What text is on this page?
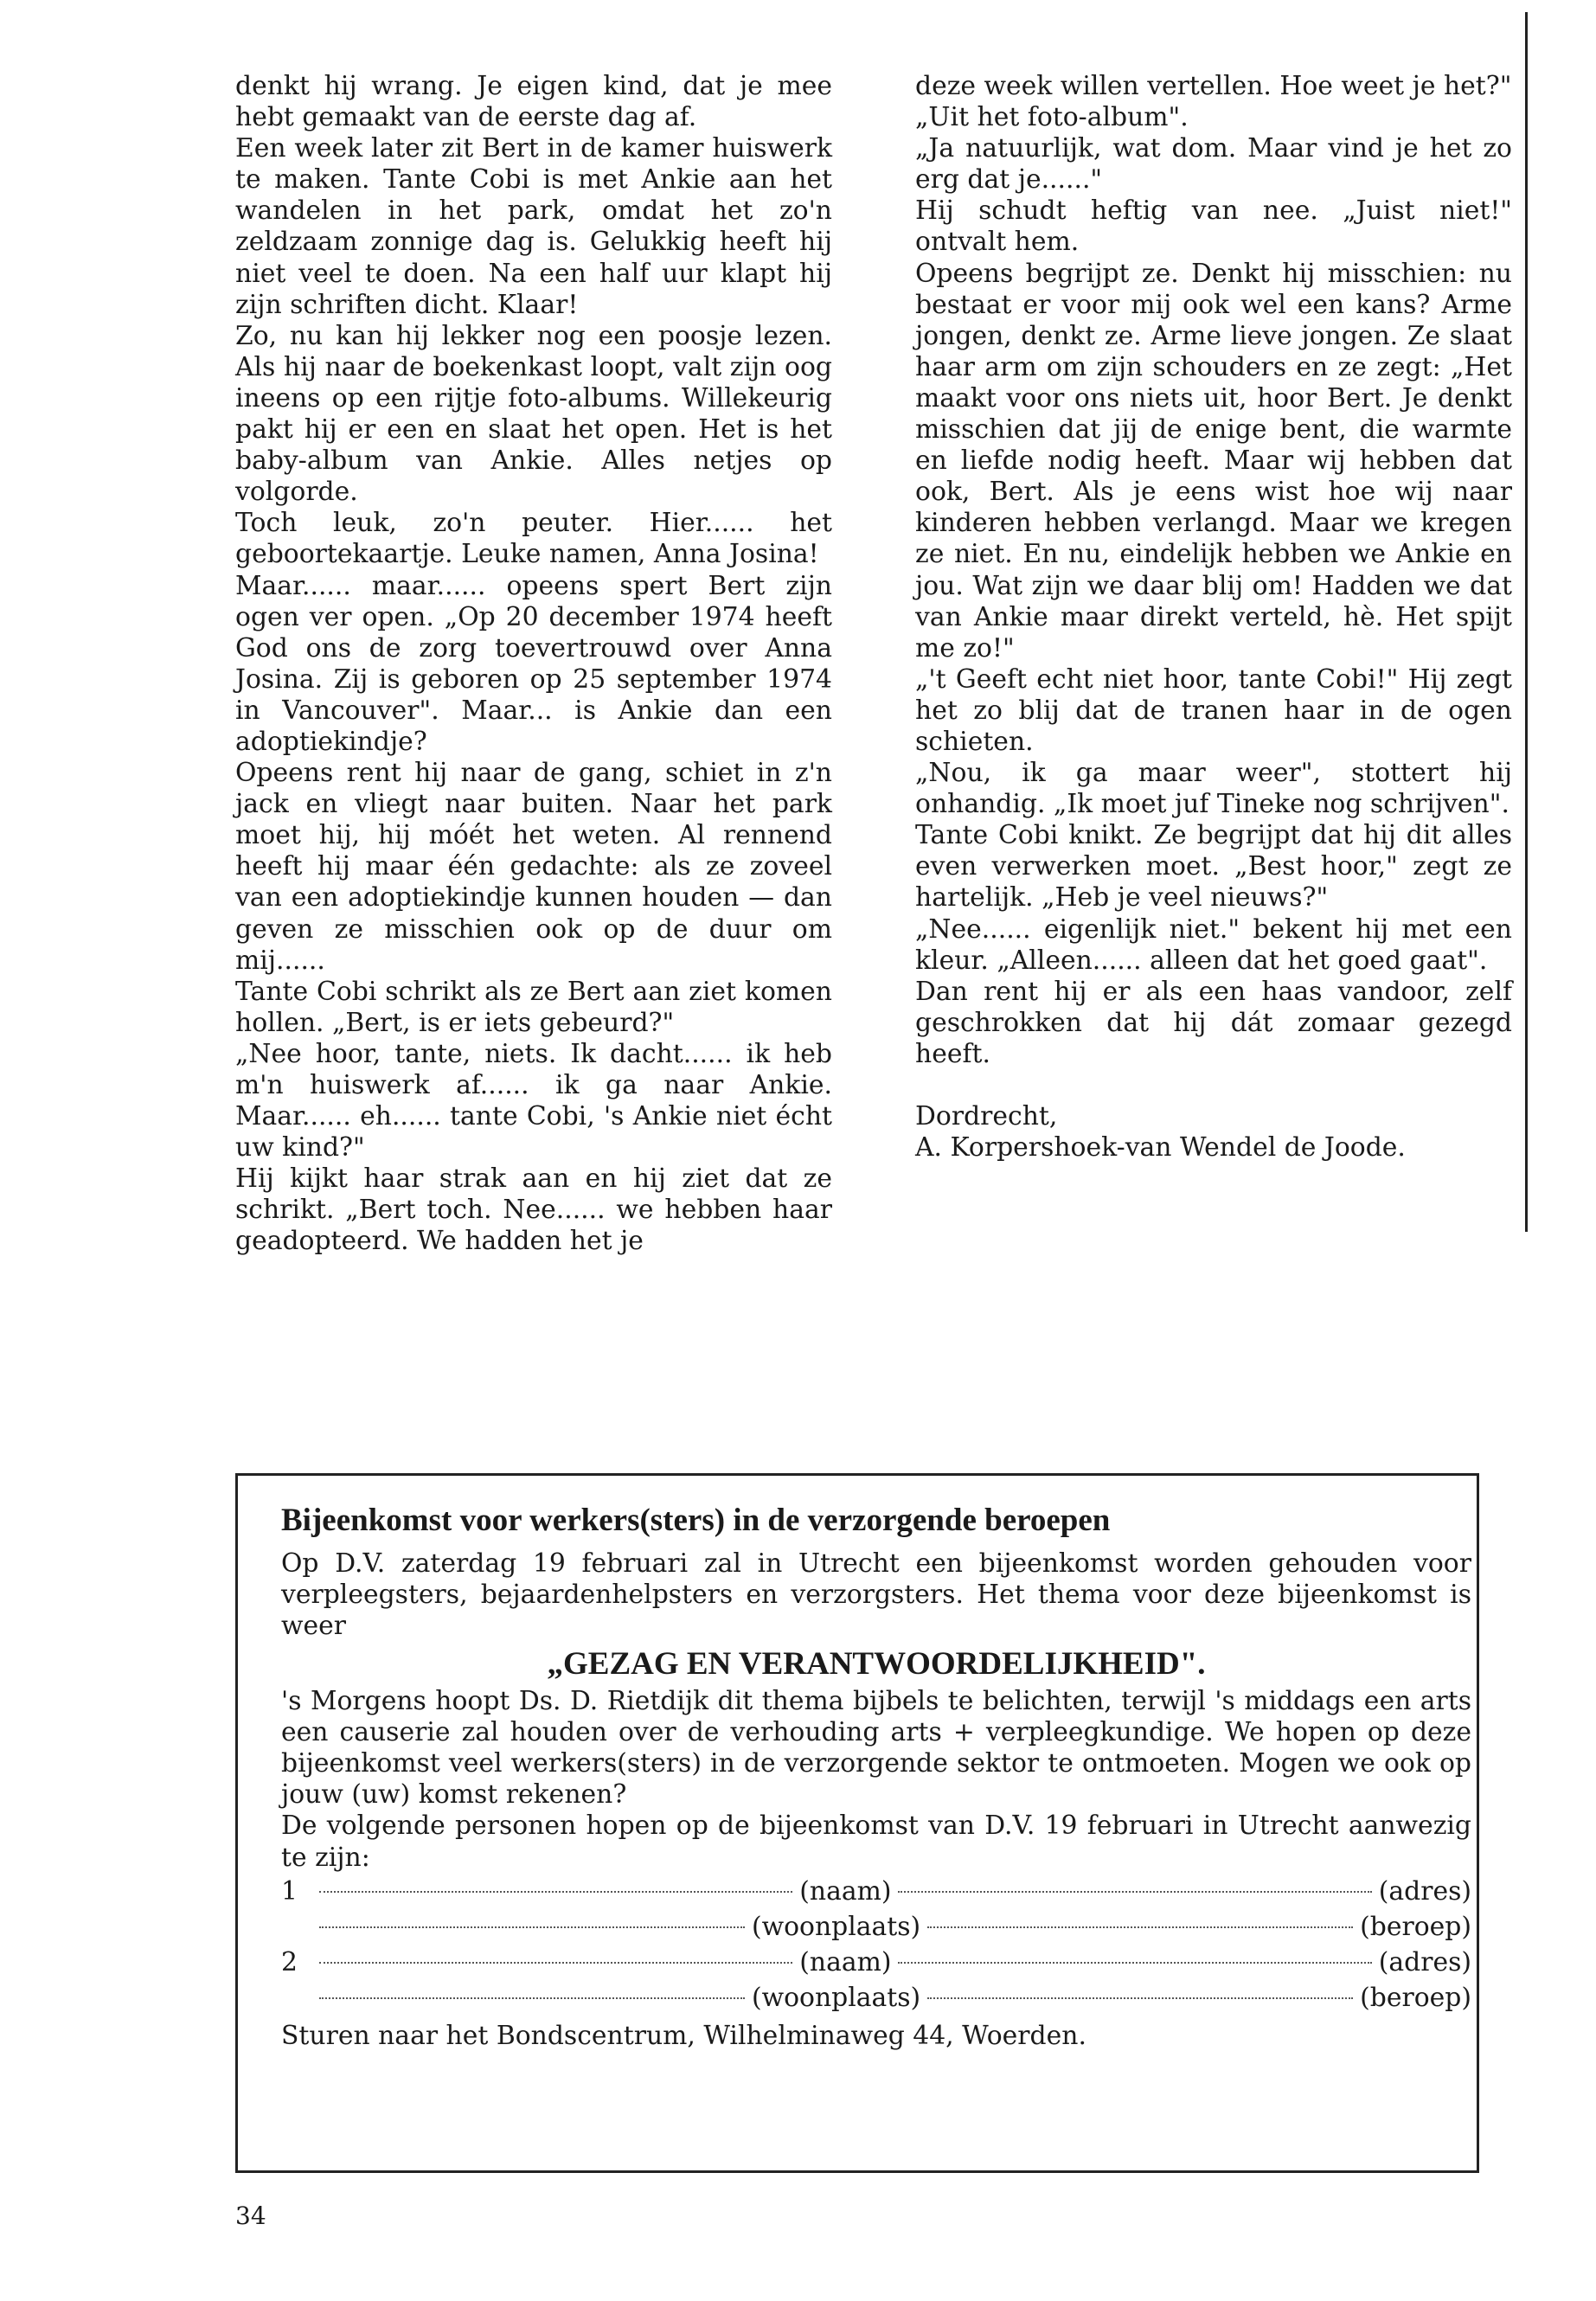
denkt hij wrang. Je eigen kind, dat je mee hebt gemaakt van de eerste dag af.

Een week later zit Bert in de kamer huiswerk te maken. Tante Cobi is met Ankie aan het wandelen in het park, omdat het zo'n zeldzaam zonnige dag is. Gelukkig heeft hij niet veel te doen. Na een half uur klapt hij zijn schriften dicht. Klaar!

Zo, nu kan hij lekker nog een poosje lezen. Als hij naar de boekenkast loopt, valt zijn oog ineens op een rijtje foto-albums. Willekeurig pakt hij er een en slaat het open. Het is het baby-album van Ankie. Alles netjes op volgorde.

Toch leuk, zo'n peuter. Hier...... het geboortekaartje. Leuke namen, Anna Josina!

Maar...... maar...... opeens spert Bert zijn ogen ver open. „Op 20 december 1974 heeft God ons de zorg toevertrouwd over Anna Josina. Zij is geboren op 25 september 1974 in Vancouver". Maar... is Ankie dan een adoptiekindje?

Opeens rent hij naar de gang, schiet in z'n jack en vliegt naar buiten. Naar het park moet hij, hij móét het weten. Al rennend heeft hij maar één gedachte: als ze zoveel van een adoptiekindje kunnen houden — dan geven ze misschien ook op de duur om mij......

Tante Cobi schrikt als ze Bert aan ziet komen hollen. „Bert, is er iets gebeurd?"

„Nee hoor, tante, niets. Ik dacht...... ik heb m'n huiswerk af...... ik ga naar Ankie. Maar...... eh...... tante Cobi, 's Ankie niet écht uw kind?"

Hij kijkt haar strak aan en hij ziet dat ze schrikt. „Bert toch. Nee...... we hebben haar geadopteerd. We hadden het je

deze week willen vertellen. Hoe weet je het?"

„Uit het foto-album".

„Ja natuurlijk, wat dom. Maar vind je het zo erg dat je......"

Hij schudt heftig van nee. „Juist niet!" ontvalt hem.

Opeens begrijpt ze. Denkt hij misschien: nu bestaat er voor mij ook wel een kans? Arme jongen, denkt ze. Arme lieve jongen. Ze slaat haar arm om zijn schouders en ze zegt: „Het maakt voor ons niets uit, hoor Bert. Je denkt misschien dat jij de enige bent, die warmte en liefde nodig heeft. Maar wij hebben dat ook, Bert. Als je eens wist hoe wij naar kinderen hebben verlangd. Maar we kregen ze niet. En nu, eindelijk hebben we Ankie en jou. Wat zijn we daar blij om! Hadden we dat van Ankie maar direkt verteld, hè. Het spijt me zo!"

„'t Geeft echt niet hoor, tante Cobi!" Hij zegt het zo blij dat de tranen haar in de ogen schieten.

„Nou, ik ga maar weer", stottert hij onhandig. „Ik moet juf Tineke nog schrijven".

Tante Cobi knikt. Ze begrijpt dat hij dit alles even verwerken moet. „Best hoor," zegt ze hartelijk. „Heb je veel nieuws?"

„Nee...... eigenlijk niet." bekent hij met een kleur. „Alleen...... alleen dat het goed gaat".

Dan rent hij er als een haas vandoor, zelf geschrokken dat hij dát zomaar gezegd heeft.

Dordrecht,

A. Korpershoek-van Wendel de Joode.

Bijeenkomst voor werkers(sters) in de verzorgende beroepen

Op D.V. zaterdag 19 februari zal in Utrecht een bijeenkomst worden gehouden voor verpleegsters, bejaardenhelpsters en verzorgsters. Het thema voor deze bijeenkomst is weer

„GEZAG EN VERANTWOORDELIJKHEID".

's Morgens hoopt Ds. D. Rietdijk dit thema bijbels te belichten, terwijl 's middags een arts een causerie zal houden over de verhouding arts + verpleegkundige. We hopen op deze bijeenkomst veel werkers(sters) in de verzorgende sektor te ontmoeten. Mogen we ook op jouw (uw) komst rekenen?

De volgende personen hopen op de bijeenkomst van D.V. 19 februari in Utrecht aanwezig te zijn:

1	(naam)	(adres)
(woonplaats)	(beroep)
2	(naam)	(adres)
(woonplaats)	(beroep)
Sturen naar het Bondscentrum, Wilhelminaweg 44, Woerden.
34
